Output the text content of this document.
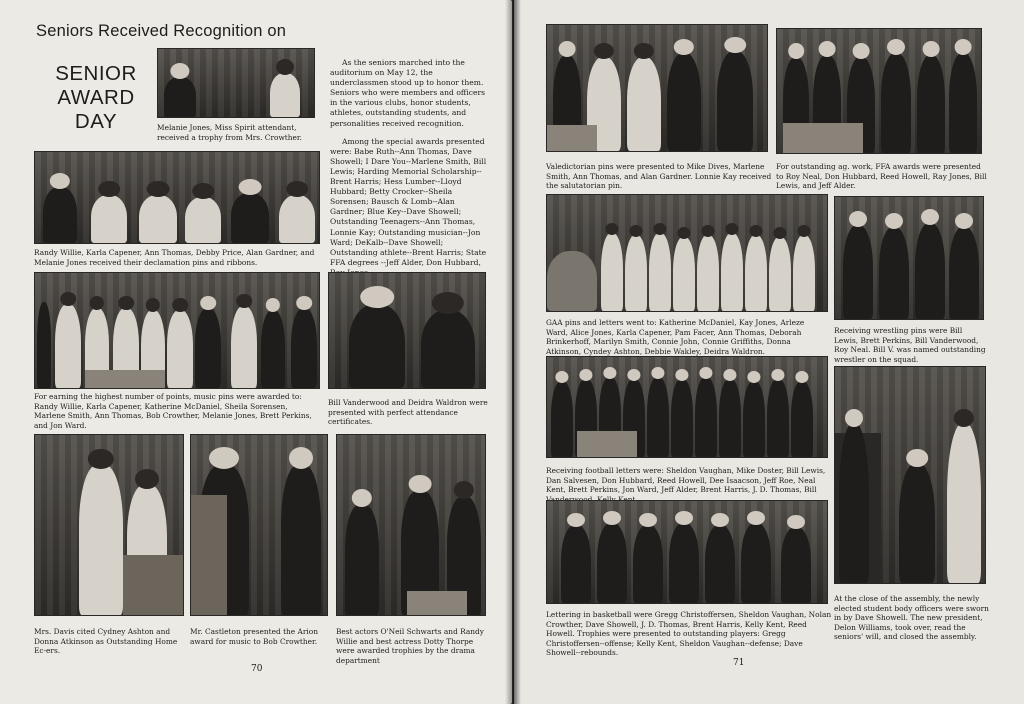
Seniors Received Recognition on
SENIOR
AWARD
DAY	Melanie Jones, Miss Spirit attendant, received a trophy from Mrs. Crowther.

As the seniors marched into the auditorium on May 12, the underclassmen stood up to honor them. Seniors who were members and officers in the various clubs, honor students, athletes, outstanding students, and personalities received recognition.

Among the special awards presented were: Babe Ruth--Ann Thomas, Dave Showell; I Dare You--Marlene Smith, Bill Lewis; Harding Memorial Scholarship--Brent Harris; Hess Lumber--Lloyd Hubbard; Betty Crocker--Sheila Sorensen; Bausch & Lomb--Alan Gardner; Blue Key--Dave Showell; Outstanding Teenagers--Ann Thomas, Lonnie Kay; Outstanding musician--Jon Ward; DeKalb--Dave Showell; Outstanding athlete--Brent Harris; State FFA degrees --Jeff Alder, Don Hubbard,

Randy Willie, Karla Capener, Ann Thomas, Debby Price, Alan Gardner, and Melanie Jones received their declamation pins and ribbons.
For earning the highest number of points, music pins were awarded to: Randy Willie, Karla Capener, Katherine McDaniel, Sheila Sorensen, Marlene Smith, Ann Thomas, Bob Crowther, Melanie Jones, Brett Perkins, and Jon Ward.
Bill Vanderwood and Deidra Waldron were presented with perfect attendance certificates.
Mrs. Davis cited Cydney Ashton and Donna Atkinson as Outstanding Home Ec-ers.
Mr. Castleton presented the Arion award for music to Bob Crowther.
Best actors O'Neil Schwarts and Randy Willie and best actress Dotty Thorpe were awarded trophies by the drama department
70
Valedictorian pins were presented to Mike Dives, Marlene Smith, Ann Thomas, and Alan Gardner. Lonnie Kay received the salutatorian pin.
For outstanding ag. work, FFA awards were presented to Roy Neal, Don Hubbard, Reed Howell, Ray Jones, Bill Lewis, and Jeff Alder.
GAA pins and letters went to: Katherine McDaniel, Kay Jones, Arleze Ward, Alice Jones, Karla Capener, Pam Facer, Ann Thomas, Deborah Brinkerhoff, Marilyn Smith, Connie John, Connie Griffiths, Donna Atkinson, Cyndey Ashton, Debbie Wakley, Deidra Waldron.
Receiving wrestling pins were Bill Lewis, Brett Perkins, Bill Vanderwood, Roy Neal. Bill V. was named outstanding wrestler on the squad.
Receiving football letters were: Sheldon Vaughan, Mike Doster, Bill Lewis, Dan Salvesen, Don Hubbard, Reed Howell, Dee Isaacson, Jeff Roe, Neal Kent, Brett Perkins, Jon Ward, Jeff Alder, Brent Harris, J. D. Thomas, Bill
At the close of the assembly, the newly elected student body officers were sworn in by Dave Showell. The new president, Delon Williams, took over, read the seniors' will, and closed the assembly.
Lettering in basketball were Gregg Christoffersen, Sheldon Vaughan, Nolan Crowther, Dave Showell, J. D. Thomas, Brent Harris, Kelly Kent, Reed Howell. Trophies were presented to outstanding players: Gregg Christoffersen--offense; Kelly Kent, Sheldon Vaughan--defense; Dave Showell--rebounds.
71
